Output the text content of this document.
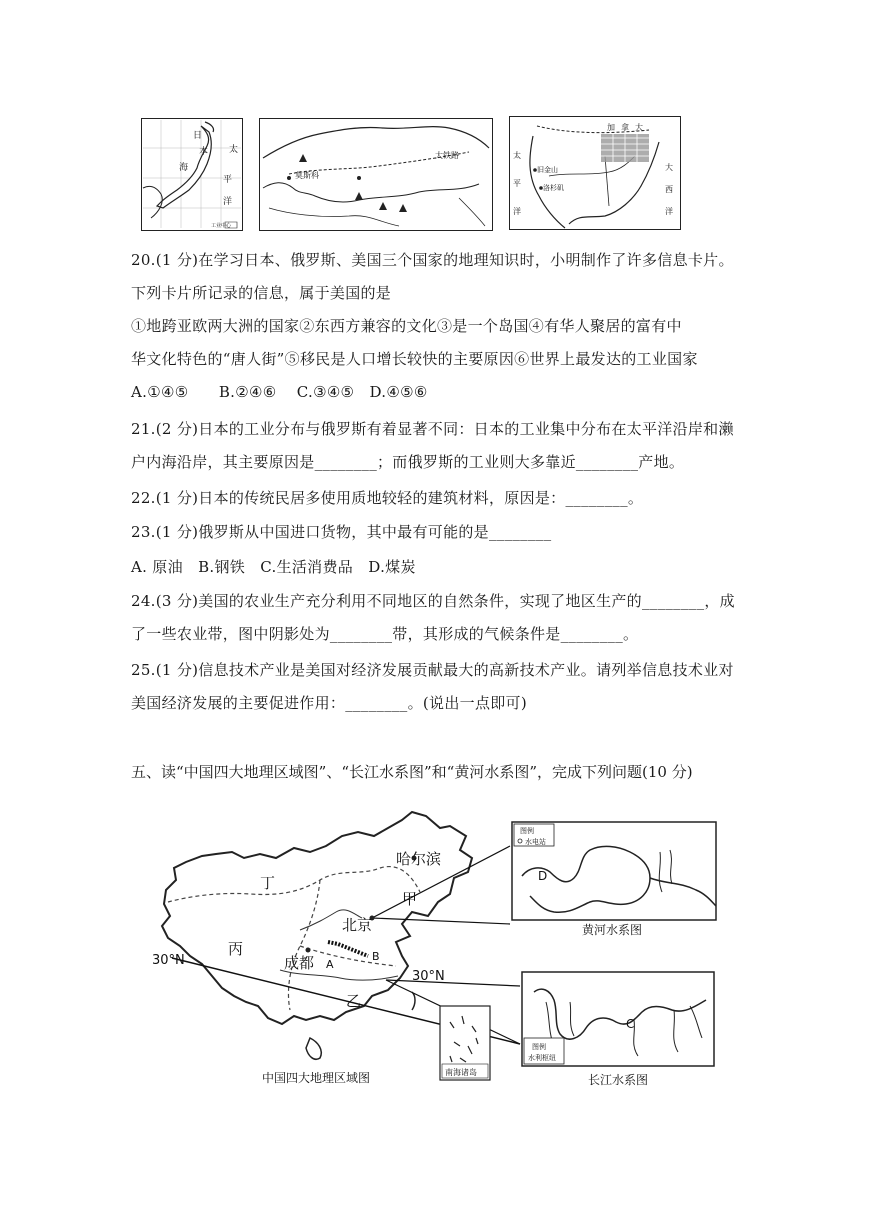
日
本
海
平
洋
太
工业中心
莫斯科
大铁路
加 拿 大
旧金山
洛杉矶
太
平
洋
大
西
洋
20.(1 分)在学习日本、俄罗斯、美国三个国家的地理知识时，小明制作了许多信息卡片。
下列卡片所记录的信息，属于美国的是
①地跨亚欧两大洲的国家②东西方兼容的文化③是一个岛国④有华人聚居的富有中
华文化特色的“唐人街”⑤移民是人口增长较快的主要原因⑥世界上最发达的工业国家
A.①④⑤      B.②④⑥    C.③④⑤   D.④⑤⑥
21.(2 分)日本的工业分布与俄罗斯有着显著不同：日本的工业集中分布在太平洋沿岸和濑
户内海沿岸，其主要原因是________；而俄罗斯的工业则大多靠近________产地。
22.(1 分)日本的传统民居多使用质地较轻的建筑材料，原因是：________。
23.(1 分)俄罗斯从中国进口货物，其中最有可能的是________
A. 原油   B.钢铁   C.生活消费品   D.煤炭
24.(3 分)美国的农业生产充分利用不同地区的自然条件，实现了地区生产的________，成
了一些农业带，图中阴影处为________带，其形成的气候条件是________。
25.(1 分)信息技术产业是美国对经济发展贡献最大的高新技术产业。请列举信息技术业对
美国经济发展的主要促进作用：________。(说出一点即可)
五、读“中国四大地理区域图”、“长江水系图”和“黄河水系图”，完成下列问题(10 分)
哈尔滨
甲
丁
北京
丙
成都 A
B
乙
30°N
30°N
南海诸岛
图例
水电站
D
黄河水系图
图例
水利枢纽
C
长江水系图
中国四大地理区域图
